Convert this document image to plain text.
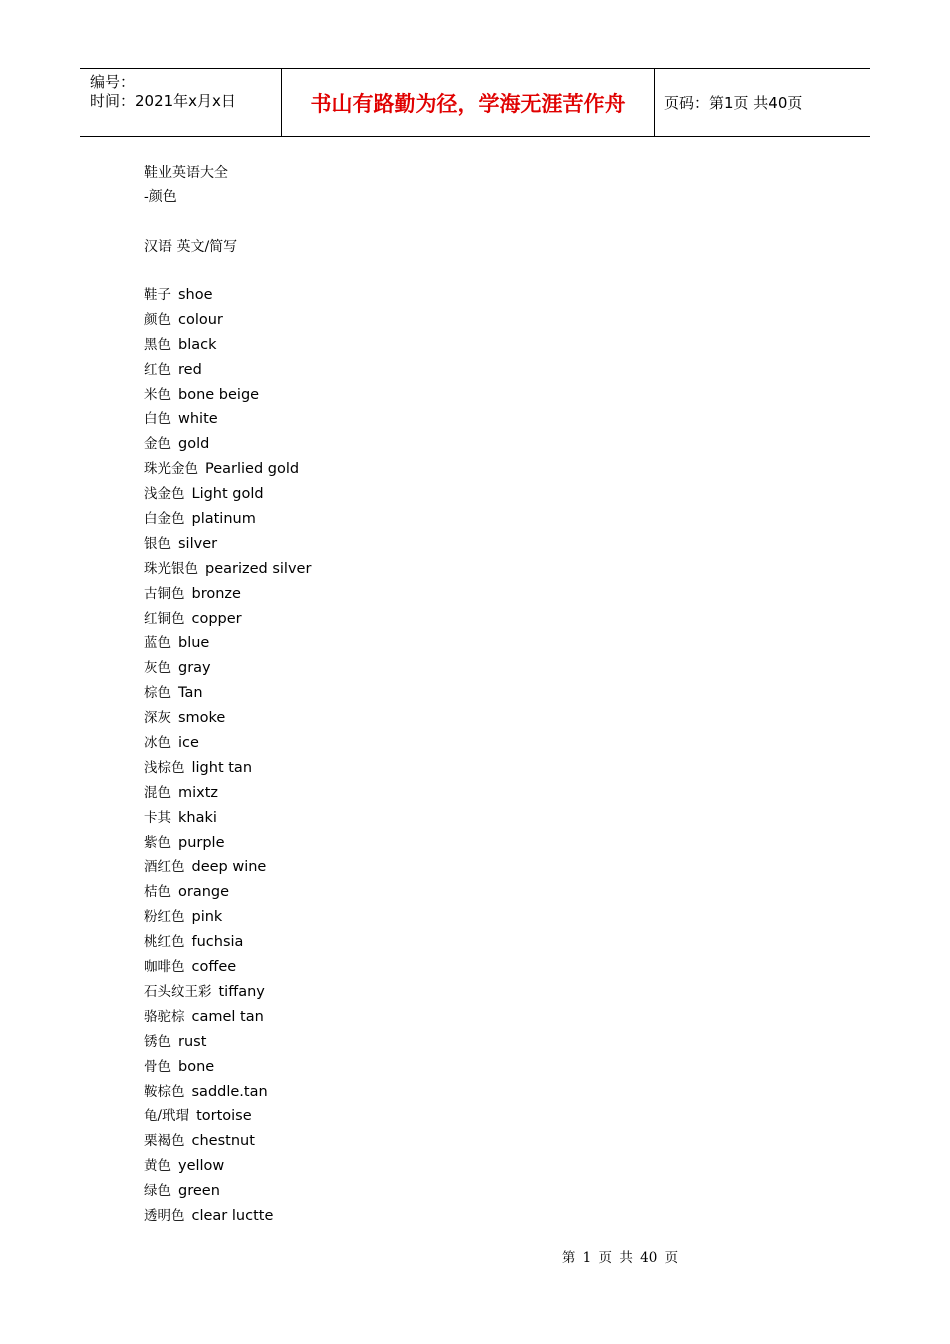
编号：
时间：2021年x月x日	书山有路勤为径，学海无涯苦作舟	页码：第1页 共40页
鞋业英语大全
-颜色
汉语 英文/简写
鞋子 shoe
颜色 colour
黑色 black
红色 red
米色 bone beige
白色 white
金色 gold
珠光金色 Pearlied gold
浅金色 Light gold
白金色 platinum
银色 silver
珠光银色 pearized silver
古铜色 bronze
红铜色 copper
蓝色 blue
灰色 gray
棕色 Tan
深灰 smoke
冰色 ice
浅棕色 light tan
混色 mixtz
卡其 khaki
紫色 purple
酒红色 deep wine
桔色 orange
粉红色 pink
桃红色 fuchsia
咖啡色 coffee
石头纹王彩 tiffany
骆驼棕 camel tan
锈色 rust
骨色 bone
鞍棕色 saddle.tan
龟/玳瑁 tortoise
栗褐色 chestnut
黄色 yellow
绿色 green
透明色 clear luctte
第 1 页 共 40 页
